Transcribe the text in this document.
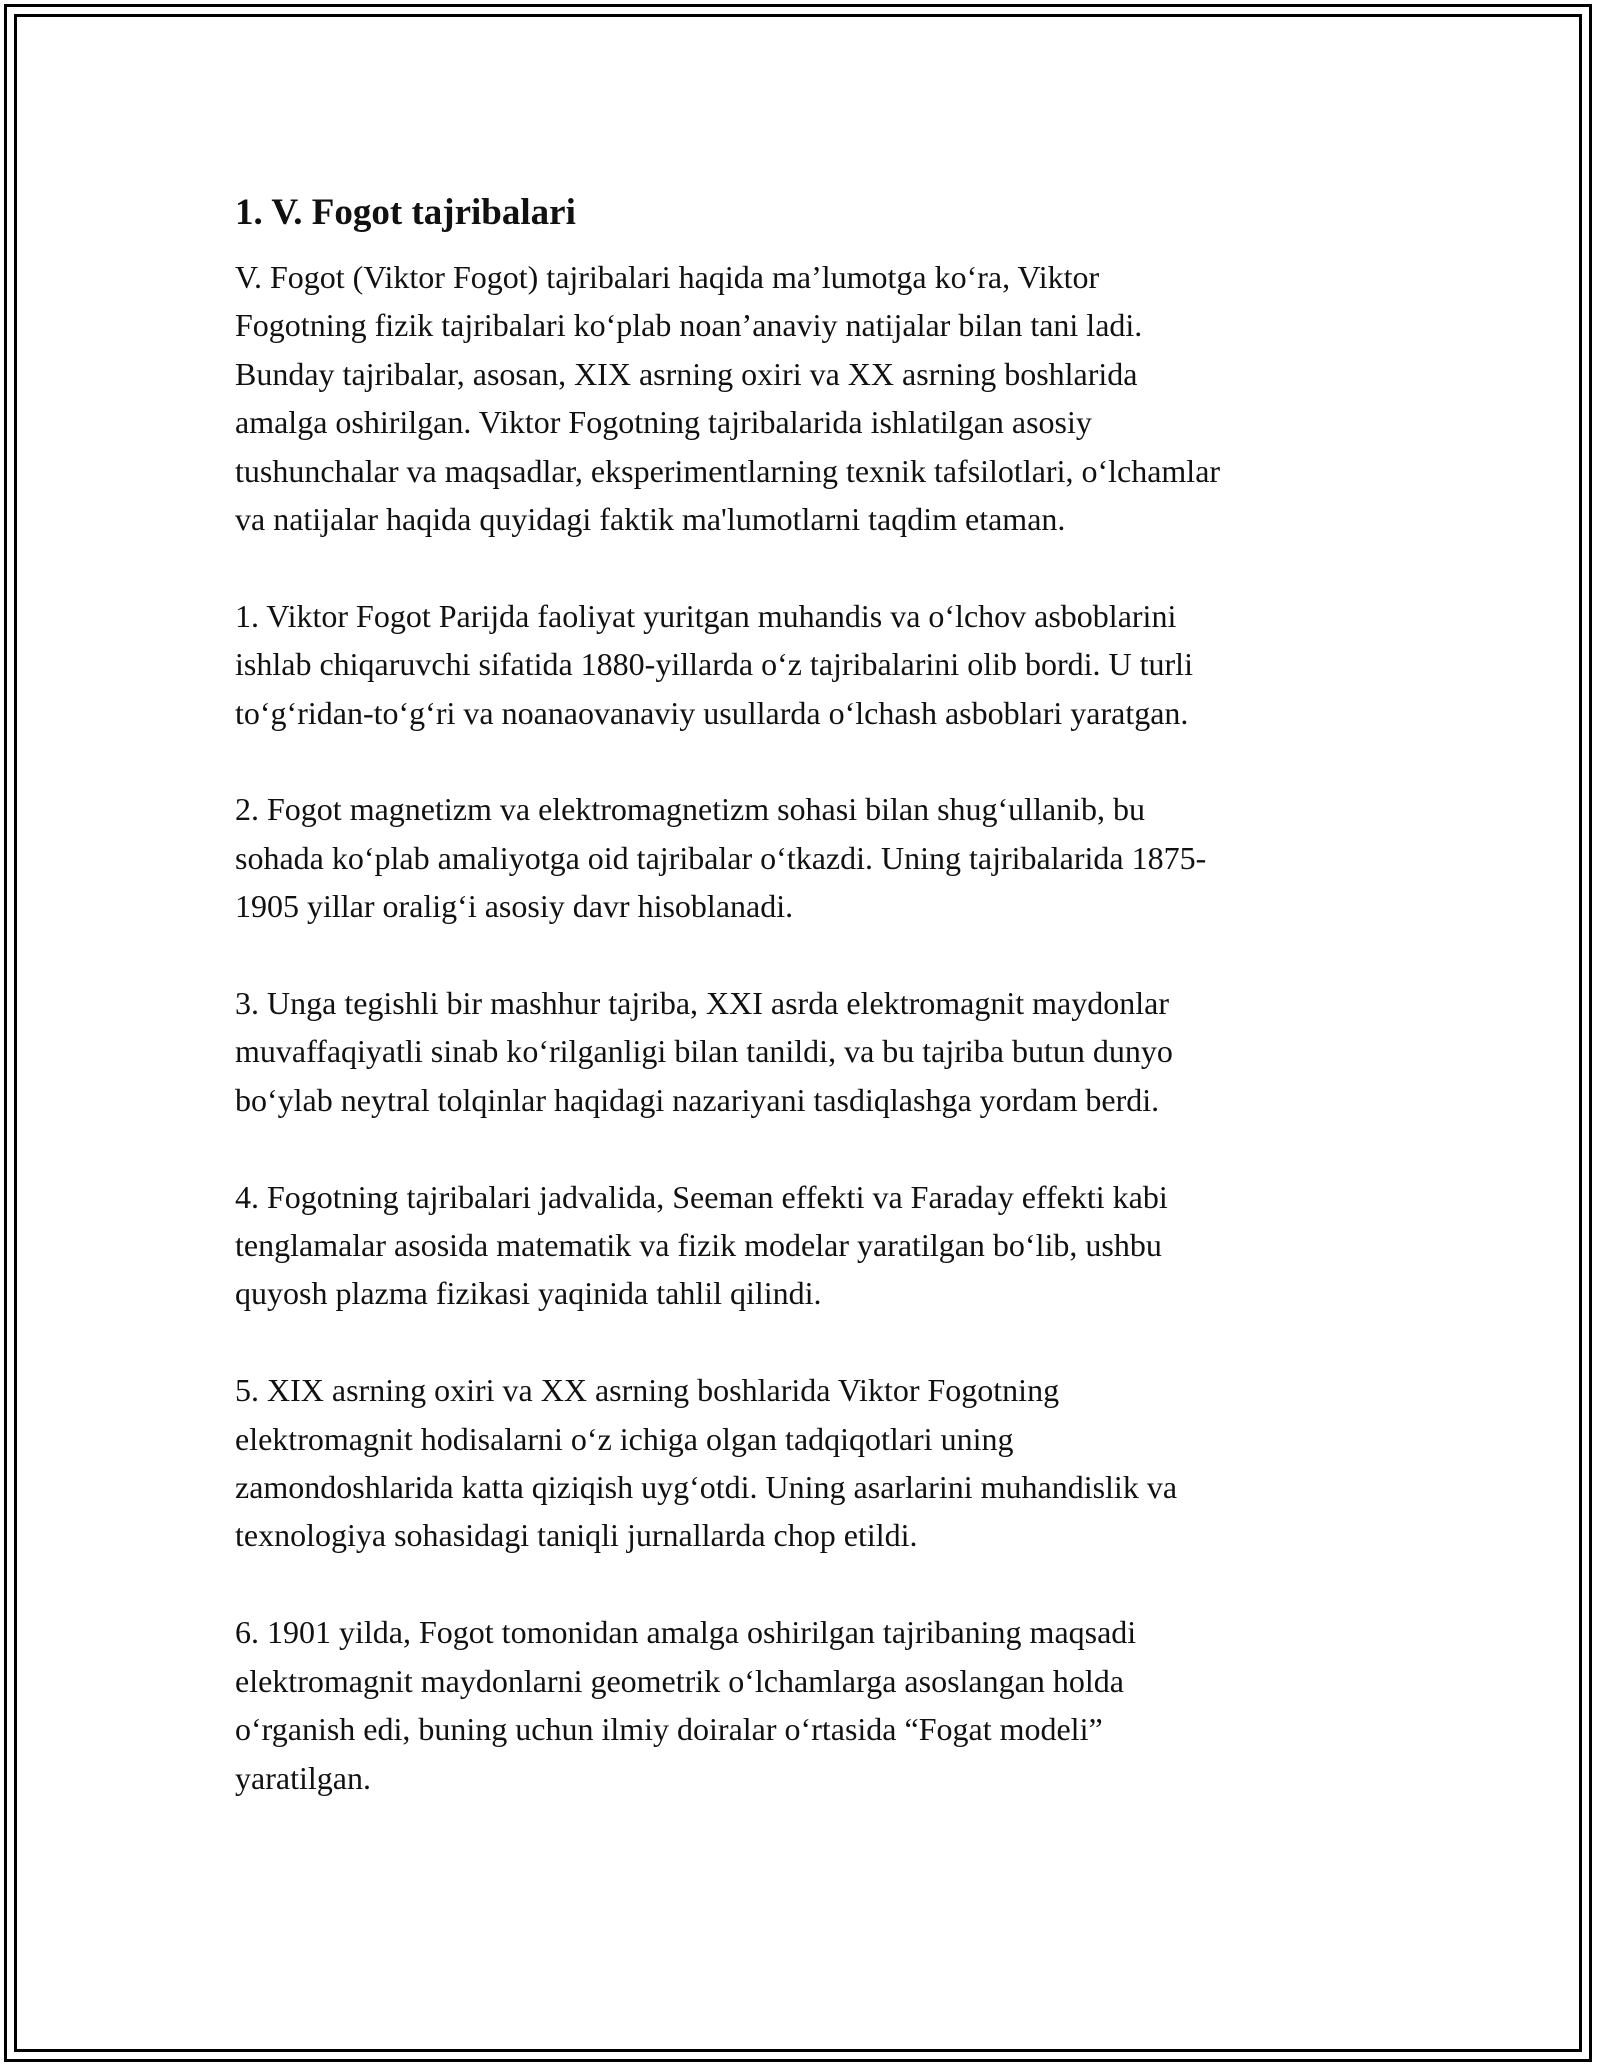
1. V. Fogot tajribalari

V. Fogot (Viktor Fogot) tajribalari haqida ma’lumotga ko‘ra, Viktor
Fogotning fizik tajribalari ko‘plab noan’anaviy natijalar bilan tani ladi.
Bunday tajribalar, asosan, XIX asrning oxiri va XX asrning boshlarida
amalga oshirilgan. Viktor Fogotning tajribalarida ishlatilgan asosiy
tushunchalar va maqsadlar, eksperimentlarning texnik tafsilotlari, o‘lchamlar
va natijalar haqida quyidagi faktik ma'lumotlarni taqdim etaman.

1. Viktor Fogot Parijda faoliyat yuritgan muhandis va o‘lchov asboblarini
ishlab chiqaruvchi sifatida 1880-yillarda o‘z tajribalarini olib bordi. U turli
to‘g‘ridan-to‘g‘ri va noanaovanaviy usullarda o‘lchash asboblari yaratgan.

2. Fogot magnetizm va elektromagnetizm sohasi bilan shug‘ullanib, bu
sohada ko‘plab amaliyotga oid tajribalar o‘tkazdi. Uning tajribalarida 1875-
1905 yillar oralig‘i asosiy davr hisoblanadi.

3. Unga tegishli bir mashhur tajriba, XXI asrda elektromagnit maydonlar
muvaffaqiyatli sinab ko‘rilganligi bilan tanildi, va bu tajriba butun dunyo
bo‘ylab neytral tolqinlar haqidagi nazariyani tasdiqlashga yordam berdi.

4. Fogotning tajribalari jadvalida, Seeman effekti va Faraday effekti kabi
tenglamalar asosida matematik va fizik modelar yaratilgan bo‘lib, ushbu
quyosh plazma fizikasi yaqinida tahlil qilindi.

5. XIX asrning oxiri va XX asrning boshlarida Viktor Fogotning
elektromagnit hodisalarni o‘z ichiga olgan tadqiqotlari uning
zamondoshlarida katta qiziqish uyg‘otdi. Uning asarlarini muhandislik va
texnologiya sohasidagi taniqli jurnallarda chop etildi.

6. 1901 yilda, Fogot tomonidan amalga oshirilgan tajribaning maqsadi
elektromagnit maydonlarni geometrik o‘lchamlarga asoslangan holda
o‘rganish edi, buning uchun ilmiy doiralar o‘rtasida “Fogat modeli”
yaratilgan.
